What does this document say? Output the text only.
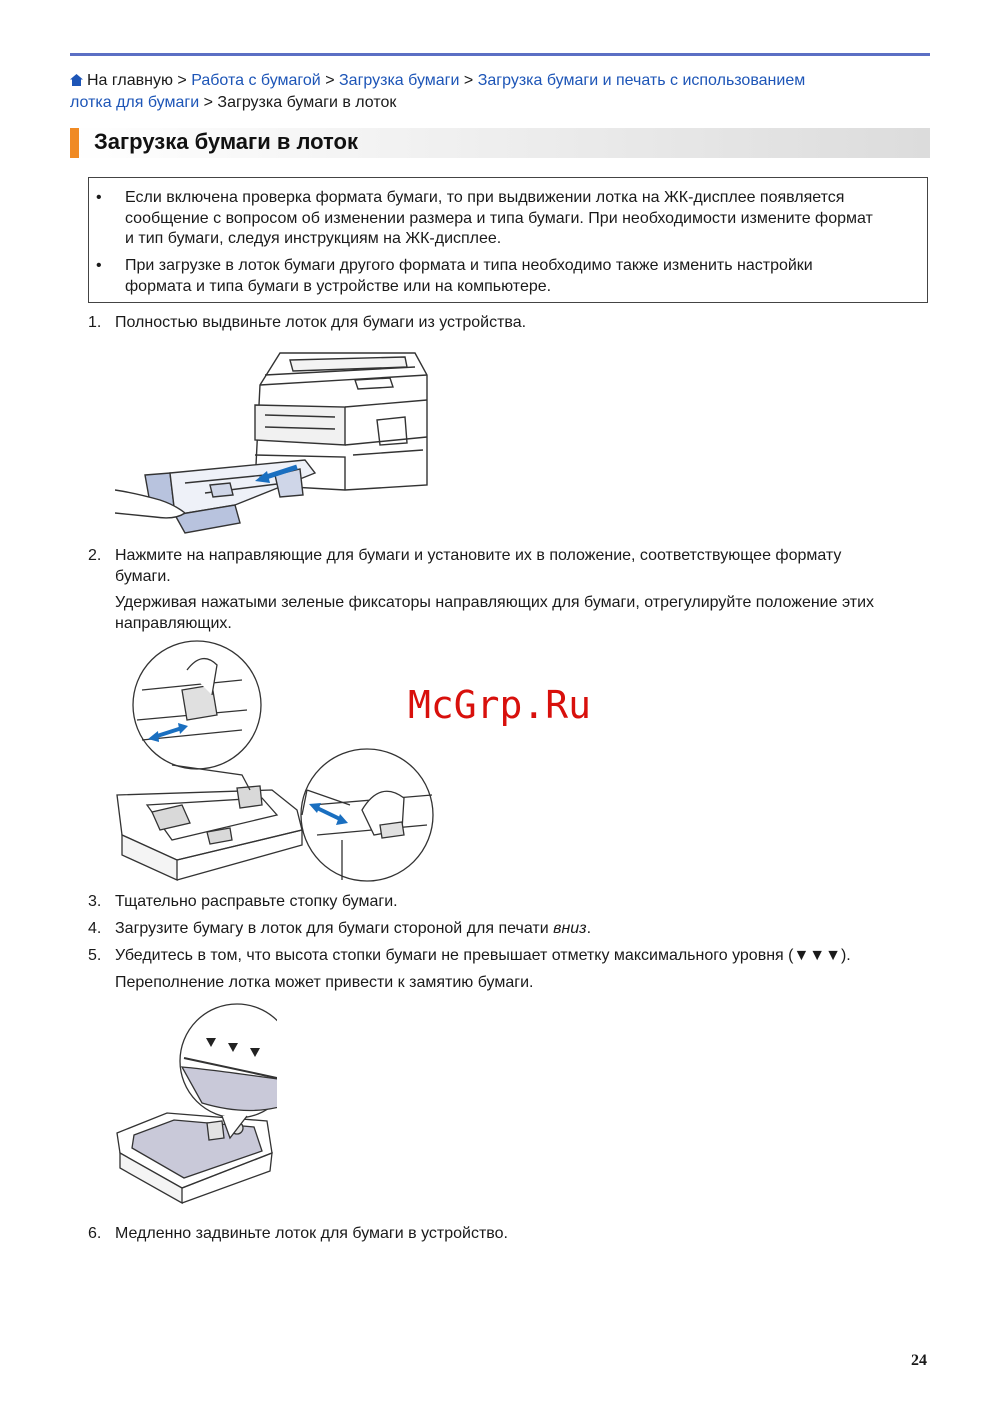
На главную > Работа с бумагой > Загрузка бумаги > Загрузка бумаги и печать с использованием
лотка для бумаги > Загрузка бумаги в лоток
Загрузка бумаги в лоток
• Если включена проверка формата бумаги, то при выдвижении лотка на ЖК-дисплее появляется
сообщение с вопросом об изменении размера и типа бумаги. При необходимости измените формат
и тип бумаги, следуя инструкциям на ЖК-дисплее.
• При загрузке в лоток бумаги другого формата и типа необходимо также изменить настройки
формата и типа бумаги в устройстве или на компьютере.
1. Полностью выдвиньте лоток для бумаги из устройства.
2. Нажмите на направляющие для бумаги и установите их в положение, соответствующее формату
бумаги.
Удерживая нажатыми зеленые фиксаторы направляющих для бумаги, отрегулируйте положение этих
направляющих.
McGrp.Ru
3. Тщательно расправьте стопку бумаги.
4. Загрузите бумагу в лоток для бумаги стороной для печати вниз.
5. Убедитесь в том, что высота стопки бумаги не превышает отметку максимального уровня (▼▼▼).
Переполнение лотка может привести к замятию бумаги.
6. Медленно задвиньте лоток для бумаги в устройство.
24
